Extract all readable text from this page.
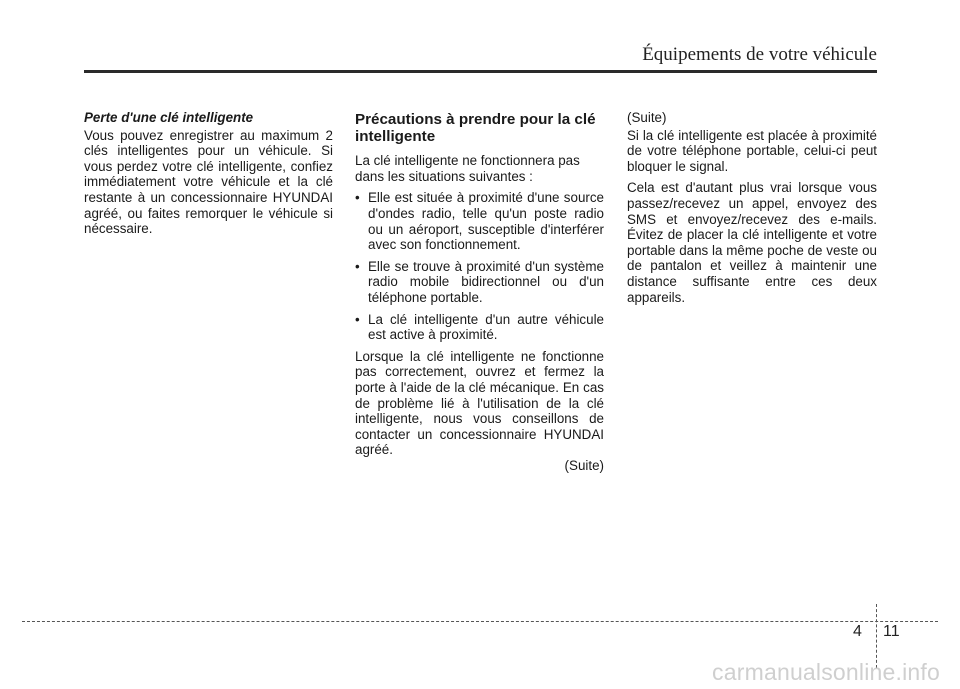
Équipements de votre véhicule

Perte d'une clé intelligente

Vous pouvez enregistrer au maximum 2 clés intelligentes pour un véhicule. Si vous perdez votre clé intelligente, confiez immédiatement votre véhicule et la clé restante à un concessionnaire HYUNDAI agréé, ou faites remorquer le véhicule si nécessaire.

Précautions à prendre pour la clé intelligente

La clé intelligente ne fonctionnera pas dans les situations suivantes :

• Elle est située à proximité d'une source d'ondes radio, telle qu'un poste radio ou un aéroport, susceptible d'interférer avec son fonctionnement.
• Elle se trouve à proximité d'un système radio mobile bidirectionnel ou d'un téléphone portable.
• La clé intelligente d'un autre véhicule est active à proximité.

Lorsque la clé intelligente ne fonctionne pas correctement, ouvrez et fermez la porte à l'aide de la clé mécanique. En cas de problème lié à l'utilisation de la clé intelligente, nous vous conseillons de contacter un concessionnaire HYUNDAI agréé.

(Suite)

(Suite)

Si la clé intelligente est placée à proximité de votre téléphone portable, celui-ci peut bloquer le signal.

Cela est d'autant plus vrai lorsque vous passez/recevez un appel, envoyez des SMS et envoyez/recevez des e-mails. Évitez de placer la clé intelligente et votre portable dans la même poche de veste ou de pantalon et veillez à maintenir une distance suffisante entre ces deux appareils.

4 11
carmanualsonline.info
